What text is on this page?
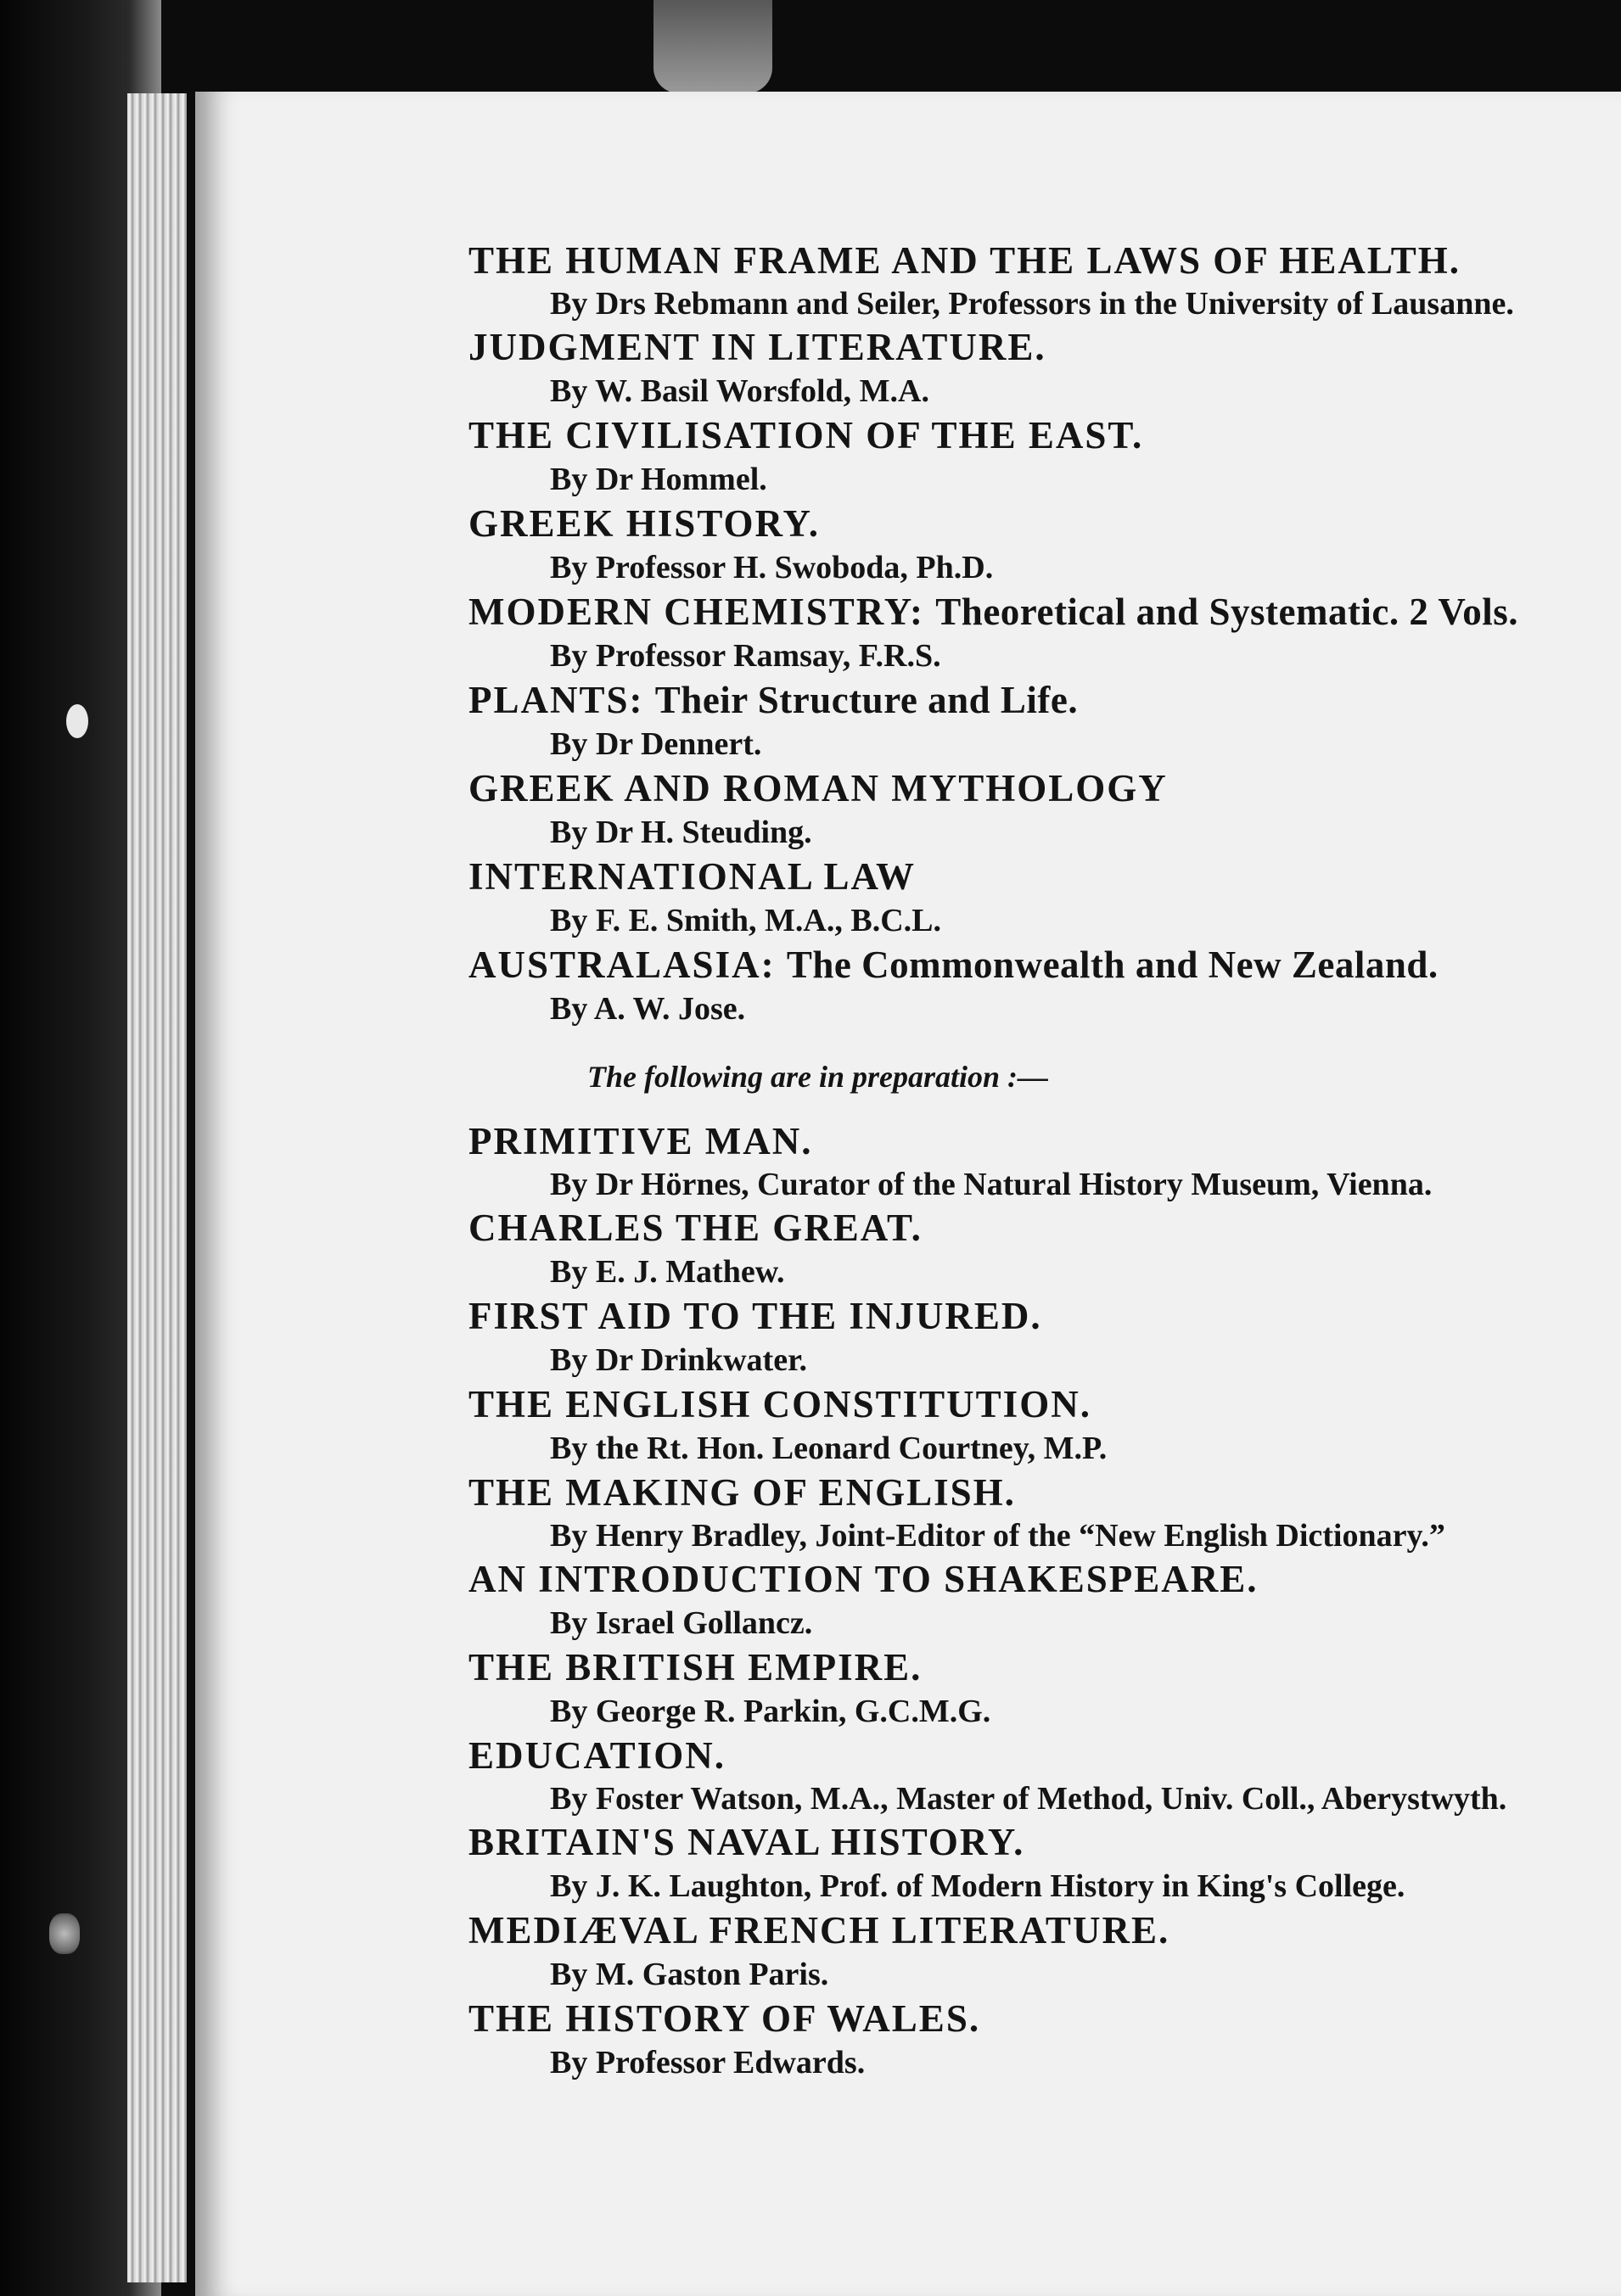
THE HUMAN FRAME AND THE LAWS OF HEALTH.
By Drs Rebmann and Seiler, Professors in the University of Lausanne.
JUDGMENT IN LITERATURE.
By W. Basil Worsfold, M.A.
THE CIVILISATION OF THE EAST.
By Dr Hommel.
GREEK HISTORY.
By Professor H. Swoboda, Ph.D.
MODERN CHEMISTRY: Theoretical and Systematic. 2 Vols.
By Professor Ramsay, F.R.S.
PLANTS: Their Structure and Life.
By Dr Dennert.
GREEK AND ROMAN MYTHOLOGY
By Dr H. Steuding.
INTERNATIONAL LAW
By F. E. Smith, M.A., B.C.L.
AUSTRALASIA: The Commonwealth and New Zealand.
By A. W. Jose.
The following are in preparation :—
PRIMITIVE MAN.
By Dr Hörnes, Curator of the Natural History Museum, Vienna.
CHARLES THE GREAT.
By E. J. Mathew.
FIRST AID TO THE INJURED.
By Dr Drinkwater.
THE ENGLISH CONSTITUTION.
By the Rt. Hon. Leonard Courtney, M.P.
THE MAKING OF ENGLISH.
By Henry Bradley, Joint-Editor of the “New English Dictionary.”
AN INTRODUCTION TO SHAKESPEARE.
By Israel Gollancz.
THE BRITISH EMPIRE.
By George R. Parkin, G.C.M.G.
EDUCATION.
By Foster Watson, M.A., Master of Method, Univ. Coll., Aberystwyth.
BRITAIN'S NAVAL HISTORY.
By J. K. Laughton, Prof. of Modern History in King's College.
MEDIÆVAL FRENCH LITERATURE.
By M. Gaston Paris.
THE HISTORY OF WALES.
By Professor Edwards.
